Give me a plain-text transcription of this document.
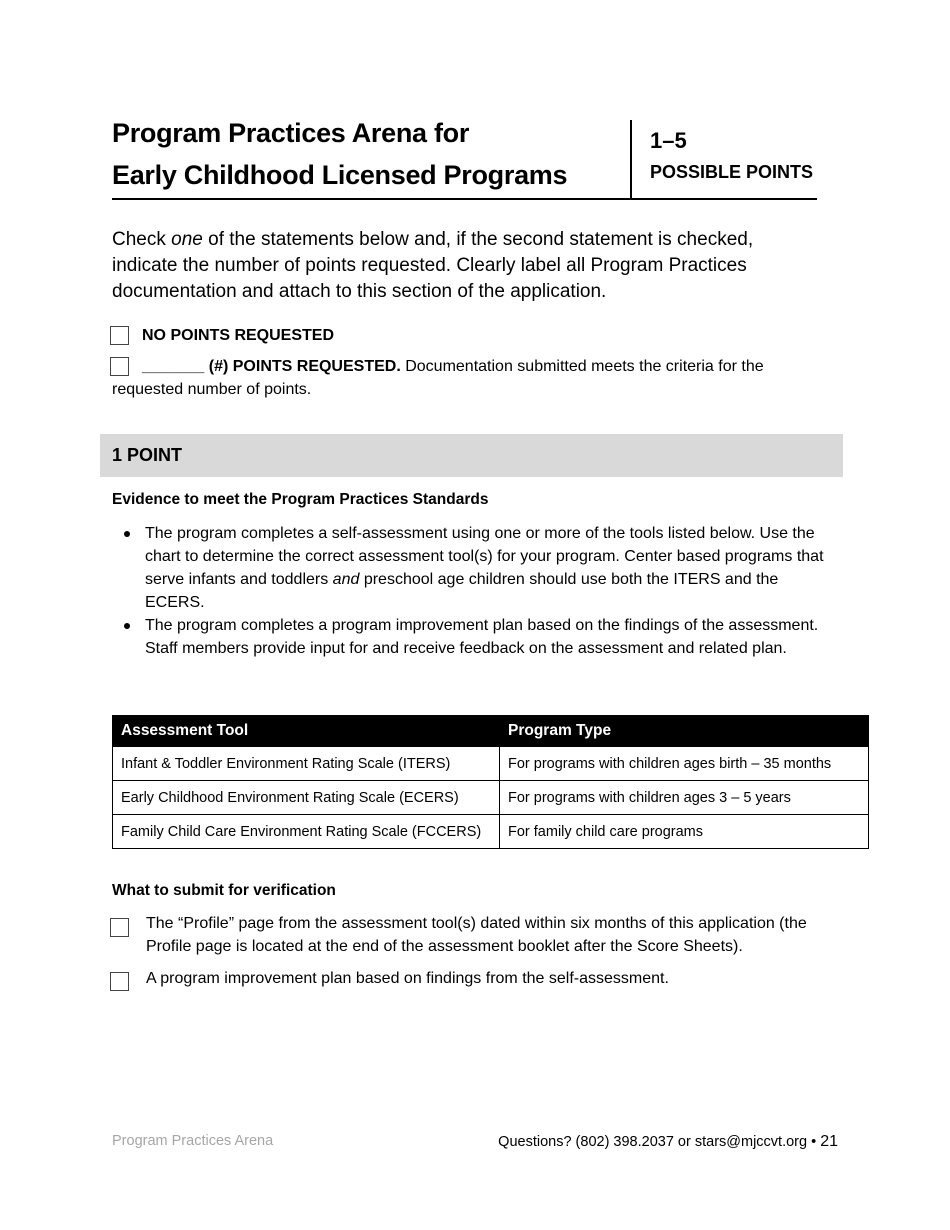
Program Practices Arena for
Early Childhood Licensed Programs
1–5
POSSIBLE POINTS
Check one of the statements below and, if the second statement is checked, indicate the number of points requested. Clearly label all Program Practices documentation and attach to this section of the application.
NO POINTS REQUESTED
_______ (#) POINTS REQUESTED. Documentation submitted meets the criteria for the requested number of points.
1 POINT
Evidence to meet the Program Practices Standards
The program completes a self-assessment using one or more of the tools listed below. Use the chart to determine the correct assessment tool(s) for your program. Center based programs that serve infants and toddlers and preschool age children should use both the ITERS and the ECERS.
The program completes a program improvement plan based on the findings of the assessment. Staff members provide input for and receive feedback on the assessment and related plan.
Assessment Tool	Program Type
Infant & Toddler Environment Rating Scale (ITERS)	For programs with children ages birth – 35 months
Early Childhood Environment Rating Scale (ECERS)	For programs with children ages 3 – 5 years
Family Child Care Environment Rating Scale (FCCERS)	For family child care programs
What to submit for verification
The “Profile” page from the assessment tool(s) dated within six months of this application (the Profile page is located at the end of the assessment booklet after the Score Sheets).
A program improvement plan based on findings from the self-assessment.
Program Practices Arena	Questions? (802) 398.2037 or stars@mjccvt.org • 21
